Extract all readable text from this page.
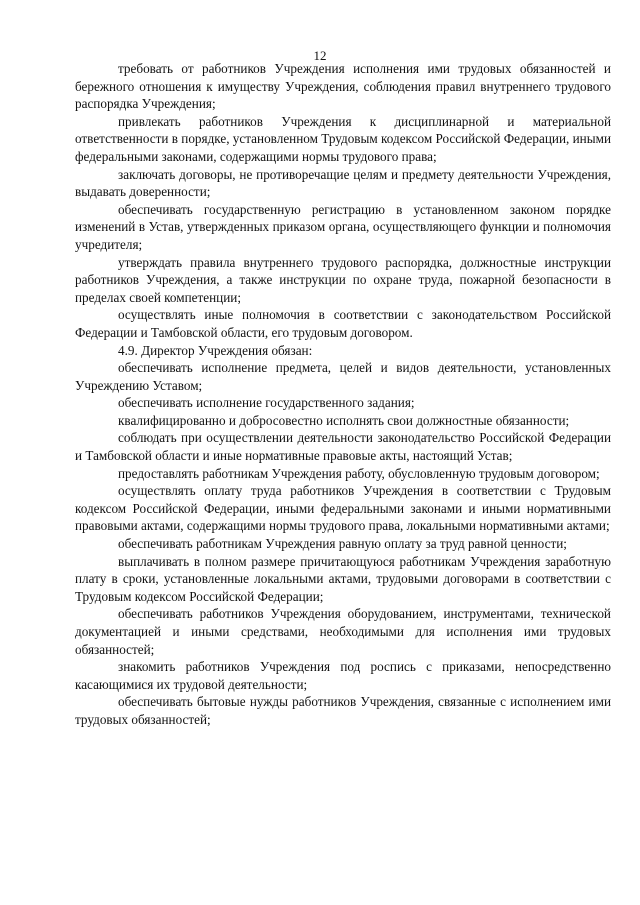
12

требовать от работников Учреждения исполнения ими трудовых обязанностей и бережного отношения к имуществу Учреждения, соблюдения правил внутреннего трудового распорядка Учреждения;

привлекать работников Учреждения к дисциплинарной и материальной ответственности в порядке, установленном Трудовым кодексом Российской Федерации, иными федеральными законами, содержащими нормы трудового права;

заключать договоры, не противоречащие целям и предмету деятельности Учреждения, выдавать доверенности;

обеспечивать государственную регистрацию в установленном законом порядке изменений в Устав, утвержденных приказом органа, осуществляющего функции и полномочия учредителя;

утверждать правила внутреннего трудового распорядка, должностные инструкции работников Учреждения, а также инструкции по охране труда, пожарной безопасности в пределах своей компетенции;

осуществлять иные полномочия в соответствии с законодательством Российской Федерации и Тамбовской области, его трудовым договором.

4.9. Директор Учреждения обязан:

обеспечивать исполнение предмета, целей и видов деятельности, установленных Учреждению Уставом;

обеспечивать исполнение государственного задания;

квалифицированно и добросовестно исполнять свои должностные обязанности;

соблюдать при осуществлении деятельности законодательство Российской Федерации и Тамбовской области и иные нормативные правовые акты, настоящий Устав;

предоставлять работникам Учреждения работу, обусловленную трудовым договором;

осуществлять оплату труда работников Учреждения в соответствии с Трудовым кодексом Российской Федерации, иными федеральными законами и иными нормативными правовыми актами, содержащими нормы трудового права, локальными нормативными актами;

обеспечивать работникам Учреждения равную оплату за труд равной ценности;

выплачивать в полном размере причитающуюся работникам Учреждения заработную плату в сроки, установленные локальными актами, трудовыми договорами в соответствии с Трудовым кодексом Российской Федерации;

обеспечивать работников Учреждения оборудованием, инструментами, технической документацией и иными средствами, необходимыми для исполнения ими трудовых обязанностей;

знакомить работников Учреждения под роспись с приказами, непосредственно касающимися их трудовой деятельности;

обеспечивать бытовые нужды работников Учреждения, связанные с исполнением ими трудовых обязанностей;
